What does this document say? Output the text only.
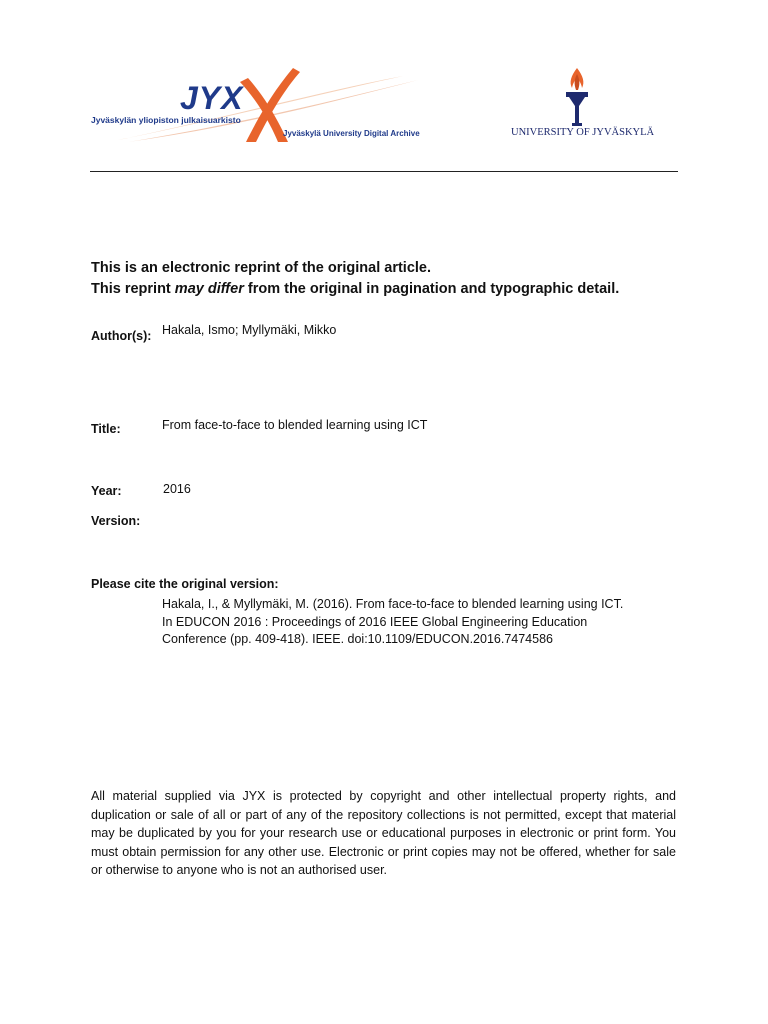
JYX
Jyväskylän yliopiston julkaisuarkisto
Jyväskylä University Digital Archive	UNIVERSITY OF JYVÄSKYLÄ
This is an electronic reprint of the original article.
This reprint may differ from the original in pagination and typographic detail.
Author(s): Hakala, Ismo; Myllymäki, Mikko
Title:	From face-to-face to blended learning using ICT
Year:	2016
Version:
Please cite the original version:
Hakala, I., & Myllymäki, M. (2016). From face-to-face to blended learning using ICT.
In EDUCON 2016 : Proceedings of 2016 IEEE Global Engineering Education
Conference (pp. 409-418). IEEE. doi:10.1109/EDUCON.2016.7474586
All material supplied via JYX is protected by copyright and other intellectual property rights, and duplication or sale of all or part of any of the repository collections is not permitted, except that material may be duplicated by you for your research use or educational purposes in electronic or print form. You must obtain permission for any other use. Electronic or print copies may not be offered, whether for sale or otherwise to anyone who is not an authorised user.
